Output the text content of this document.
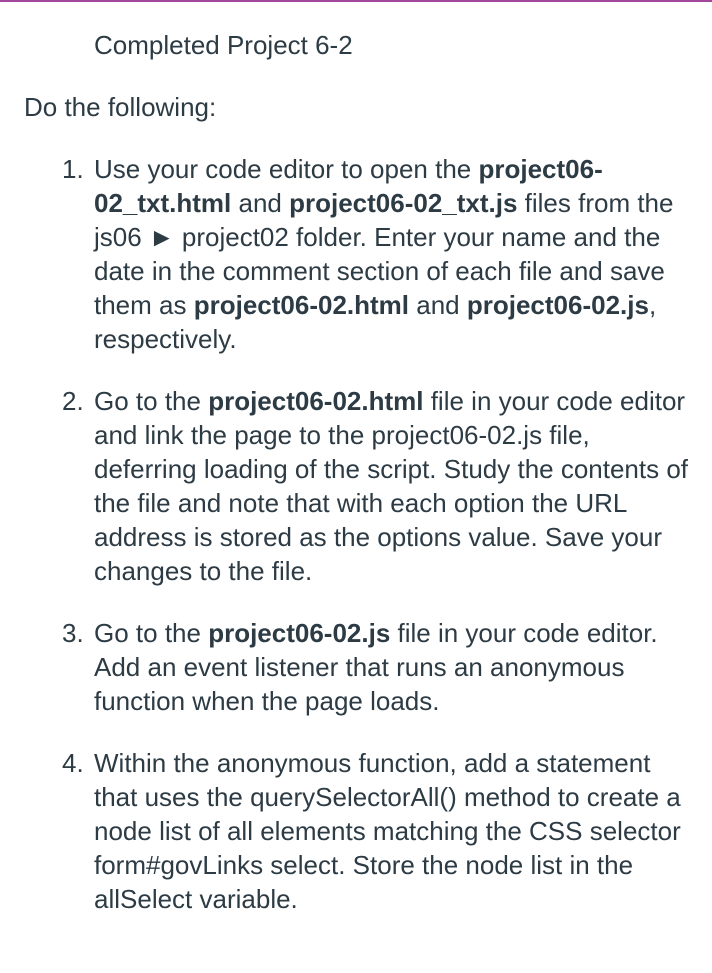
Completed Project 6-2

Do the following:

1. Use your code editor to open the project06-02_txt.html and project06-02_txt.js files from the js06 ► project02 folder. Enter your name and the date in the comment section of each file and save them as project06-02.html and project06-02.js, respectively.
2. Go to the project06-02.html file in your code editor and link the page to the project06-02.js file, deferring loading of the script. Study the contents of the file and note that with each option the URL address is stored as the options value. Save your changes to the file.
3. Go to the project06-02.js file in your code editor. Add an event listener that runs an anonymous function when the page loads.
4. Within the anonymous function, add a statement that uses the querySelectorAll() method to create a node list of all elements matching the CSS selector form#govLinks select. Store the node list in the allSelect variable.
